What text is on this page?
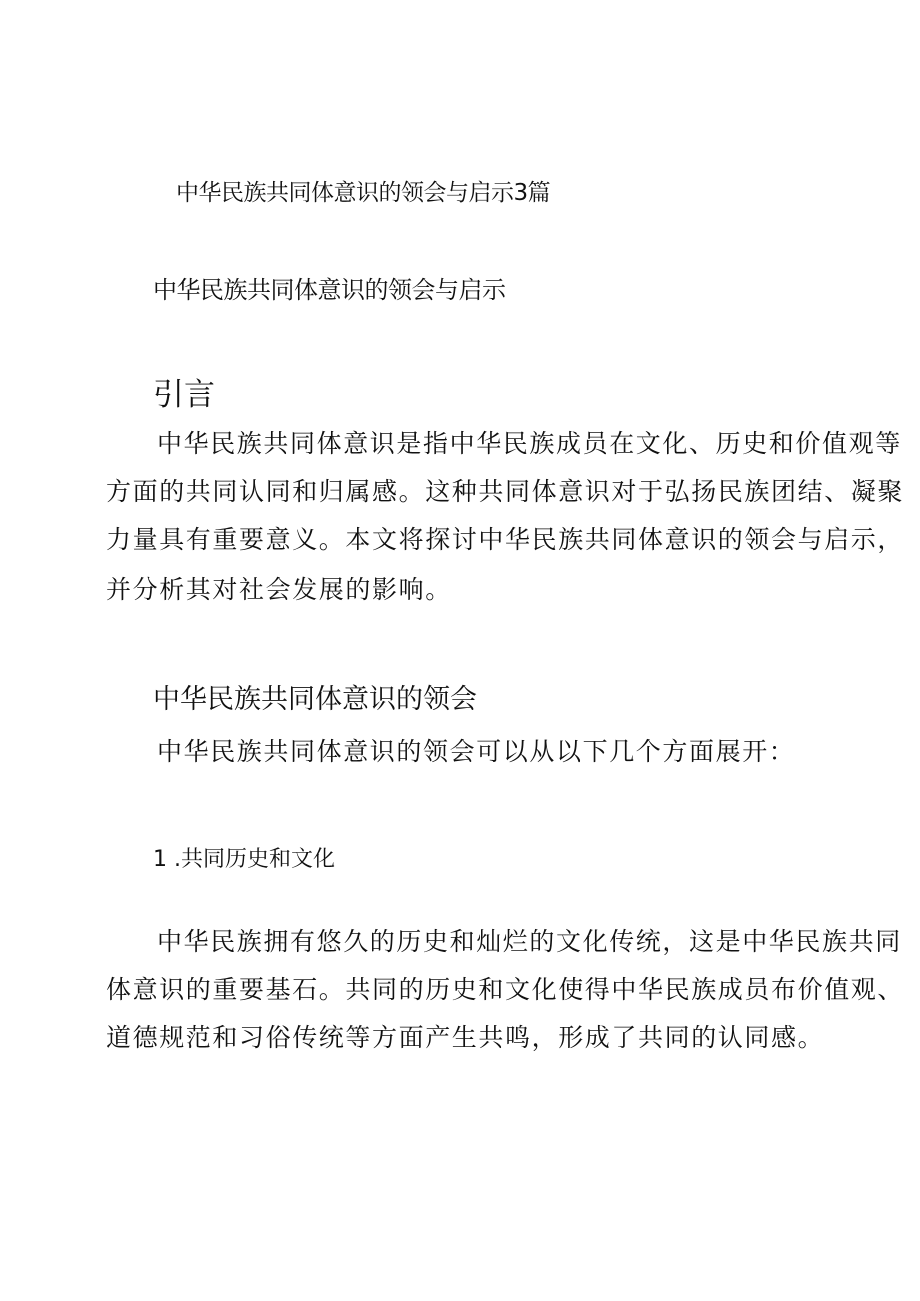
中华民族共同体意识的领会与启示3篇
中华民族共同体意识的领会与启示
引言

中华民族共同体意识是指中华民族成员在文化、历史和价值观等

方面的共同认同和归属感。这种共同体意识对于弘扬民族团结、凝聚

力量具有重要意义。本文将探讨中华民族共同体意识的领会与启示，

并分析其对社会发展的影响。

中华民族共同体意识的领会

中华民族共同体意识的领会可以从以下几个方面展开：

1 .共同历史和文化

中华民族拥有悠久的历史和灿烂的文化传统，这是中华民族共同

体意识的重要基石。共同的历史和文化使得中华民族成员布价值观、

道德规范和习俗传统等方面产生共鸣，形成了共同的认同感。
